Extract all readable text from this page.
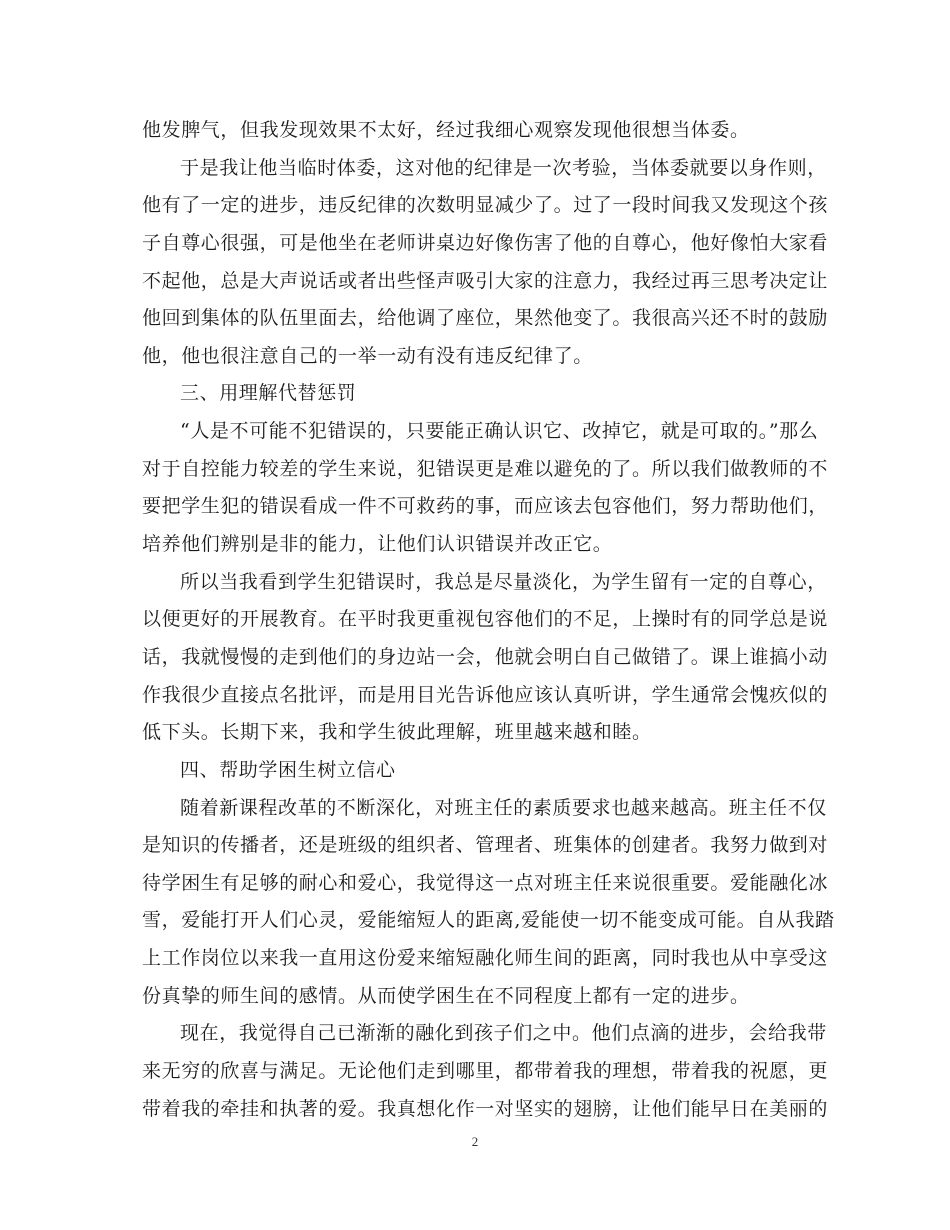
他发脾气，但我发现效果不太好，经过我细心观察发现他很想当体委。
于是我让他当临时体委，这对他的纪律是一次考验，当体委就要以身作则，
他有了一定的进步，违反纪律的次数明显减少了。过了一段时间我又发现这个孩
子自尊心很强，可是他坐在老师讲桌边好像伤害了他的自尊心，他好像怕大家看
不起他，总是大声说话或者出些怪声吸引大家的注意力，我经过再三思考决定让
他回到集体的队伍里面去，给他调了座位，果然他变了。我很高兴还不时的鼓励
他，他也很注意自己的一举一动有没有违反纪律了。
三、用理解代替惩罚
“人是不可能不犯错误的，只要能正确认识它、改掉它，就是可取的。”那么
对于自控能力较差的学生来说，犯错误更是难以避免的了。所以我们做教师的不
要把学生犯的错误看成一件不可救药的事，而应该去包容他们，努力帮助他们，
培养他们辨别是非的能力，让他们认识错误并改正它。
所以当我看到学生犯错误时，我总是尽量淡化，为学生留有一定的自尊心，
以便更好的开展教育。在平时我更重视包容他们的不足，上操时有的同学总是说
话，我就慢慢的走到他们的身边站一会，他就会明白自己做错了。课上谁搞小动
作我很少直接点名批评，而是用目光告诉他应该认真听讲，学生通常会愧疚似的
低下头。长期下来，我和学生彼此理解，班里越来越和睦。
四、帮助学困生树立信心
随着新课程改革的不断深化，对班主任的素质要求也越来越高。班主任不仅
是知识的传播者，还是班级的组织者、管理者、班集体的创建者。我努力做到对
待学困生有足够的耐心和爱心，我觉得这一点对班主任来说很重要。爱能融化冰
雪，爱能打开人们心灵，爱能缩短人的距离,爱能使一切不能变成可能。自从我踏
上工作岗位以来我一直用这份爱来缩短融化师生间的距离，同时我也从中享受这
份真挚的师生间的感情。从而使学困生在不同程度上都有一定的进步。
现在，我觉得自己已渐渐的融化到孩子们之中。他们点滴的进步，会给我带
来无穷的欣喜与满足。无论他们走到哪里，都带着我的理想，带着我的祝愿，更
带着我的牵挂和执著的爱。我真想化作一对坚实的翅膀，让他们能早日在美丽的
2
